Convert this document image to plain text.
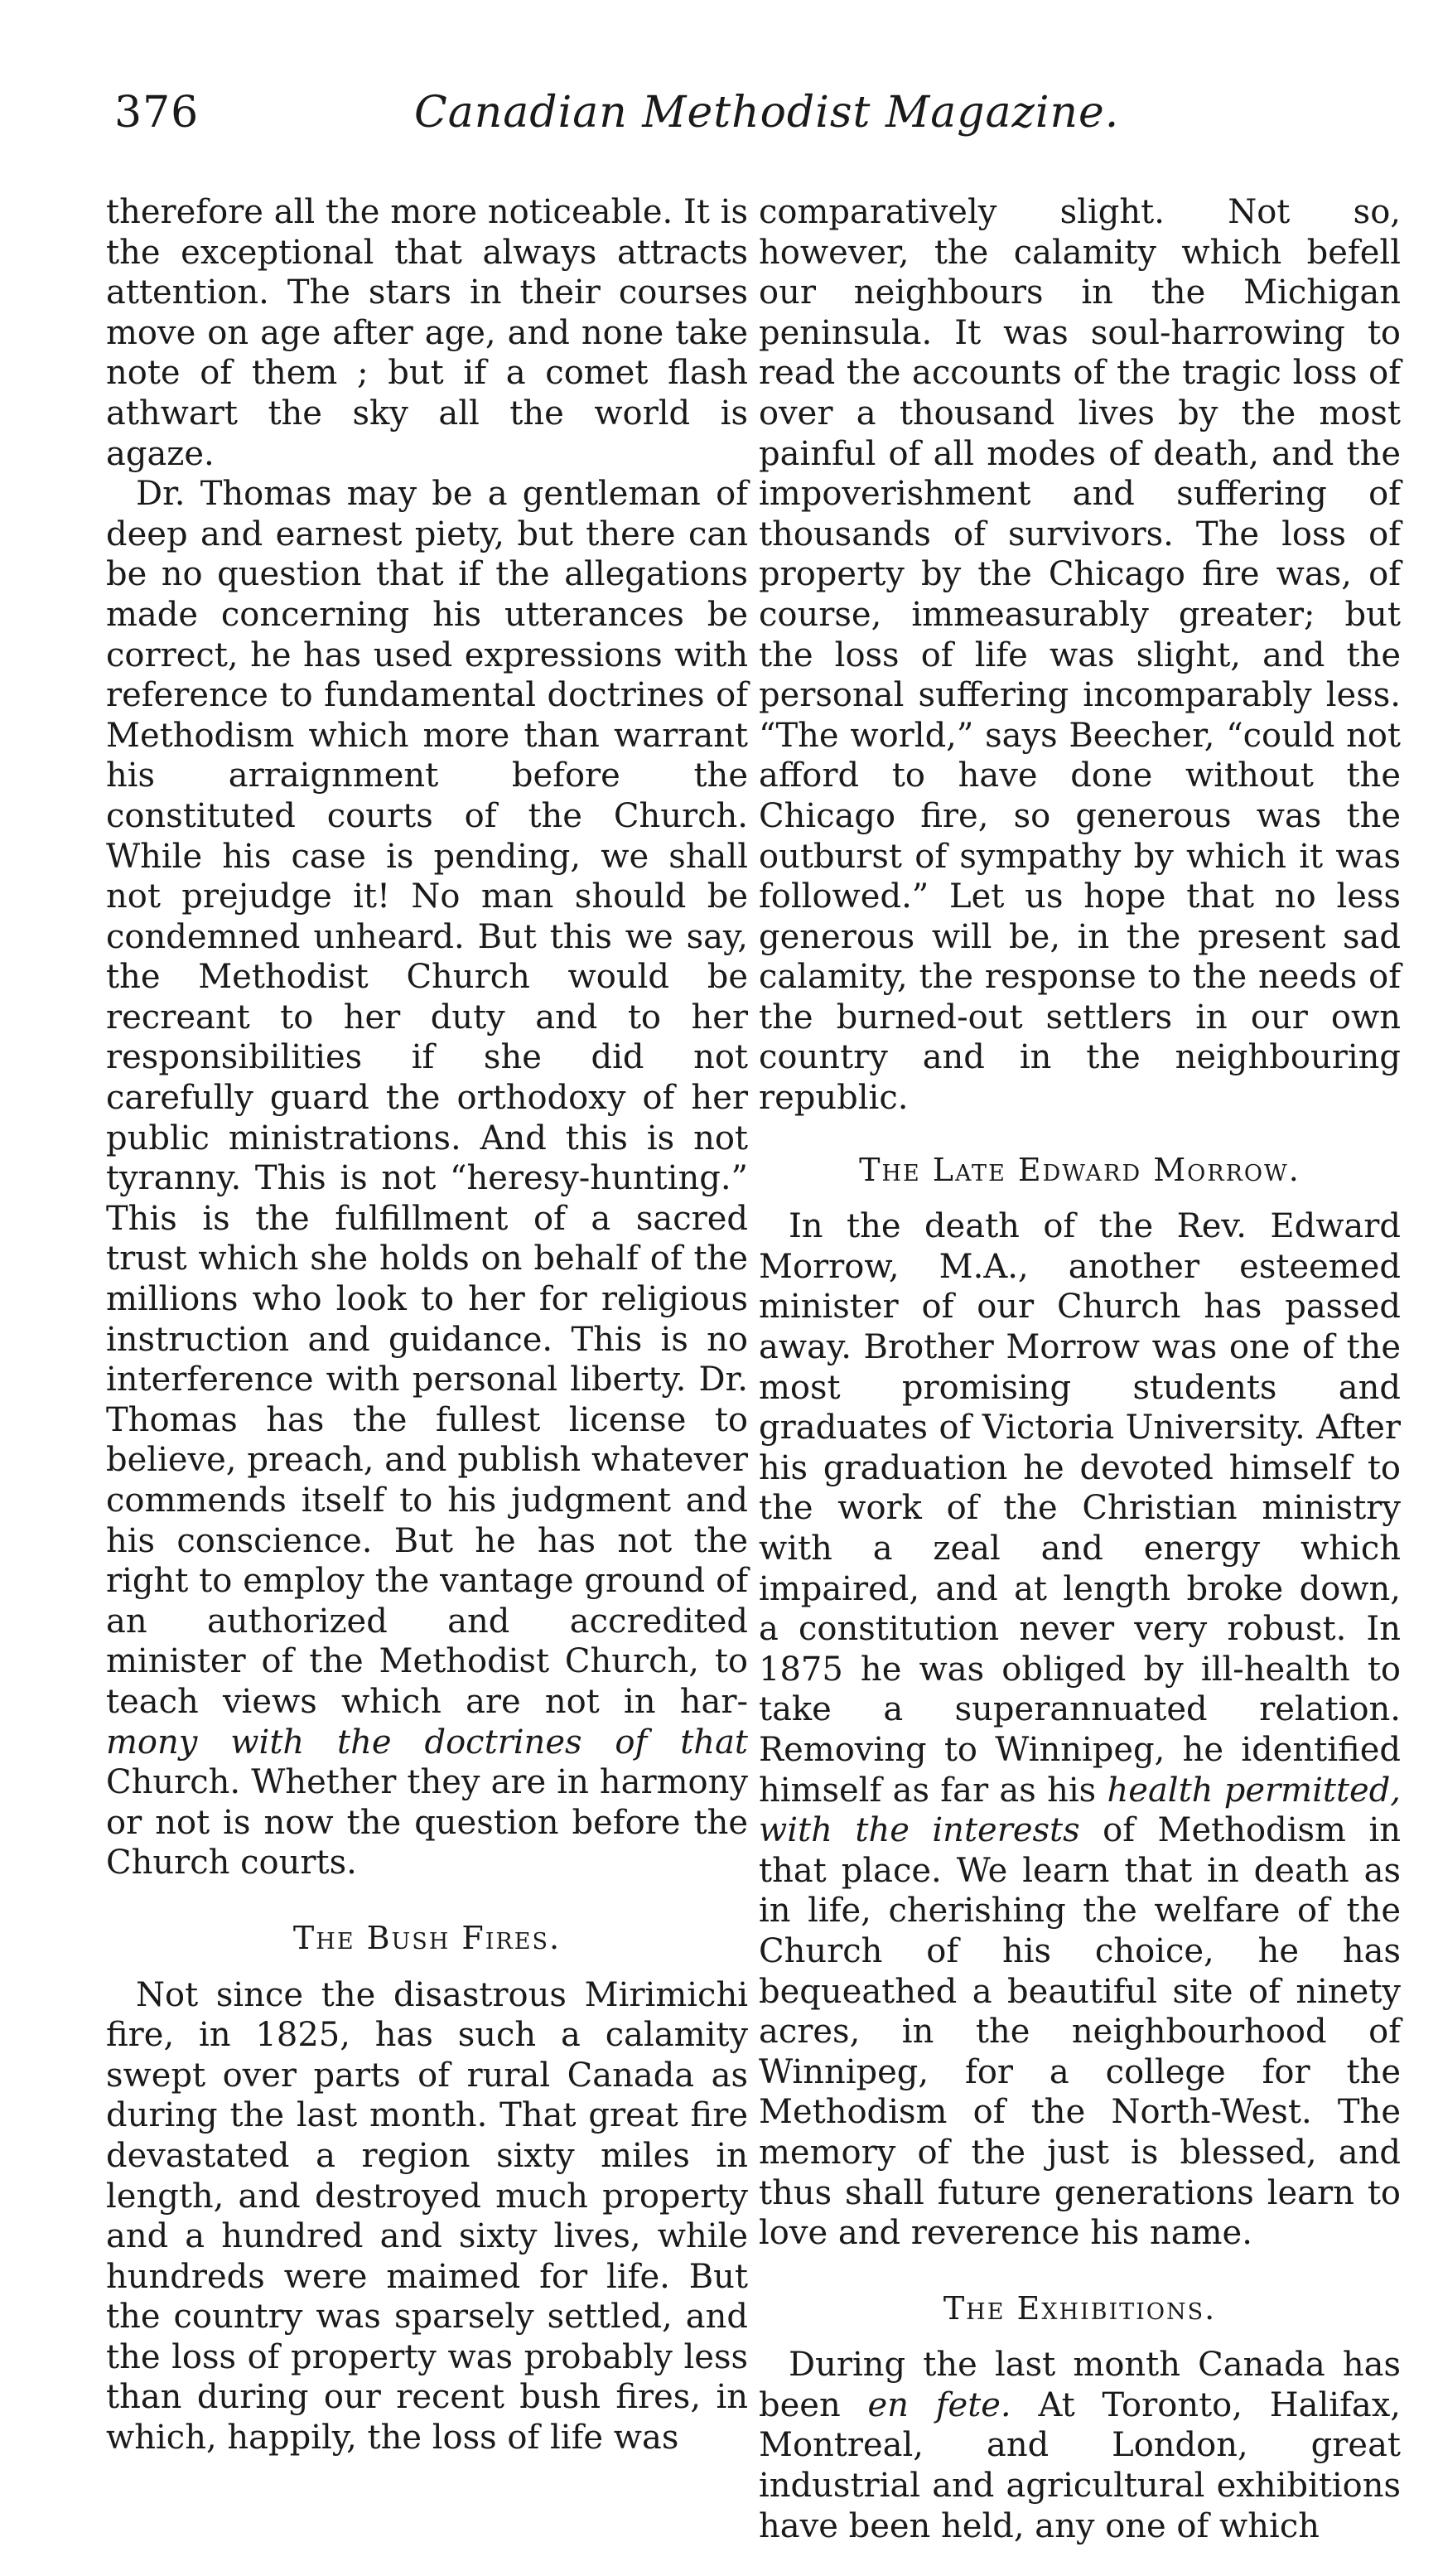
376	Canadian Methodist Magazine.

therefore all the more noticeable. It is the exceptional that always attracts attention. The stars in their courses move on age after age, and none take note of them ; but if a comet flash athwart the sky all the world is agaze.

Dr. Thomas may be a gentleman of deep and earnest piety, but there can be no question that if the allegations made concerning his utterances be correct, he has used expressions with reference to fundamental doctrines of Methodism which more than warrant his arraignment before the constituted courts of the Church. While his case is pending, we shall not prejudge it! No man should be condemned unheard. But this we say, the Methodist Church would be recreant to her duty and to her responsibilities if she did not carefully guard the orthodoxy of her public ministrations. And this is not tyranny. This is not “heresy-hunting.” This is the fulfillment of a sacred trust which she holds on behalf of the millions who look to her for religious instruction and guidance. This is no interference with personal liberty. Dr. Thomas has the fullest license to believe, preach, and publish whatever commends itself to his judgment and his conscience. But he has not the right to employ the vantage ground of an authorized and accredited minister of the Methodist Church, to teach views which are not in har- mony with the doctrines of that Church. Whether they are in harmony or not is now the question before the Church courts.

The Bush Fires.

Not since the disastrous Mirimichi fire, in 1825, has such a calamity swept over parts of rural Canada as during the last month. That great fire devastated a region sixty miles in length, and destroyed much property and a hundred and sixty lives, while hundreds were maimed for life. But the country was sparsely settled, and the loss of property was probably less than during our recent bush fires, in which, happily, the loss of life was

comparatively slight. Not so, however, the calamity which befell our neighbours in the Michigan peninsula. It was soul-harrowing to read the accounts of the tragic loss of over a thousand lives by the most painful of all modes of death, and the impoverishment and suffering of thousands of survivors. The loss of property by the Chicago fire was, of course, immeasurably greater; but the loss of life was slight, and the personal suffering incomparably less. “The world,” says Beecher, “could not afford to have done without the Chicago fire, so generous was the outburst of sympathy by which it was followed.” Let us hope that no less generous will be, in the present sad calamity, the response to the needs of the burned-out settlers in our own country and in the neighbouring republic.

The Late Edward Morrow.

In the death of the Rev. Edward Morrow, M.A., another esteemed minister of our Church has passed away. Brother Morrow was one of the most promising students and graduates of Victoria University. After his graduation he devoted himself to the work of the Christian ministry with a zeal and energy which impaired, and at length broke down, a constitution never very robust. In 1875 he was obliged by ill-health to take a superannuated relation. Removing to Winnipeg, he identified himself as far as his health permitted, with the interests of Methodism in that place. We learn that in death as in life, cherishing the welfare of the Church of his choice, he has bequeathed a beautiful site of ninety acres, in the neighbourhood of Winnipeg, for a college for the Methodism of the North-West. The memory of the just is blessed, and thus shall future generations learn to love and reverence his name.

The Exhibitions.

During the last month Canada has been en fete. At Toronto, Halifax, Montreal, and London, great industrial and agricultural exhibitions have been held, any one of which
